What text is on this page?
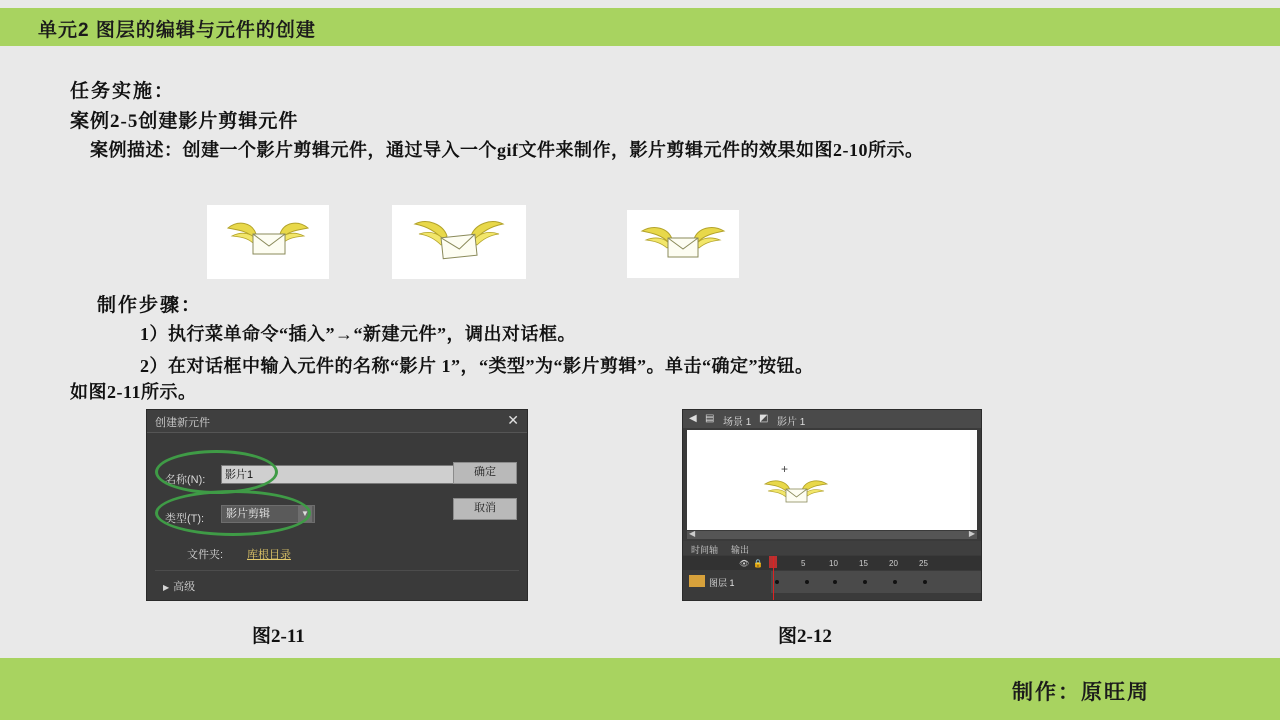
单元2 图层的编辑与元件的创建
任务实施：
案例2-5创建影片剪辑元件
案例描述：创建一个影片剪辑元件，通过导入一个gif文件来制作，影片剪辑元件的效果如图2-10所示。
制作步骤：
1）执行菜单命令“插入”→“新建元件”，调出对话框。
2）在对话框中输入元件的名称“影片 1”，“类型”为“影片剪辑”。单击“确定”按钮。
如图2-11所示。
创建新元件	✕
名称(N):	影片1
类型(T):	影片剪辑	▼
文件夹: 库根目录
确定
取消
▶ 高级
◀ ▤ 场景 1 ◩ 影片 1
+
◀	▶
时间轴 输出
👁 🔒	5	10	15	20	25
图层 1
图2-11	图2-12
制作：原旺周
